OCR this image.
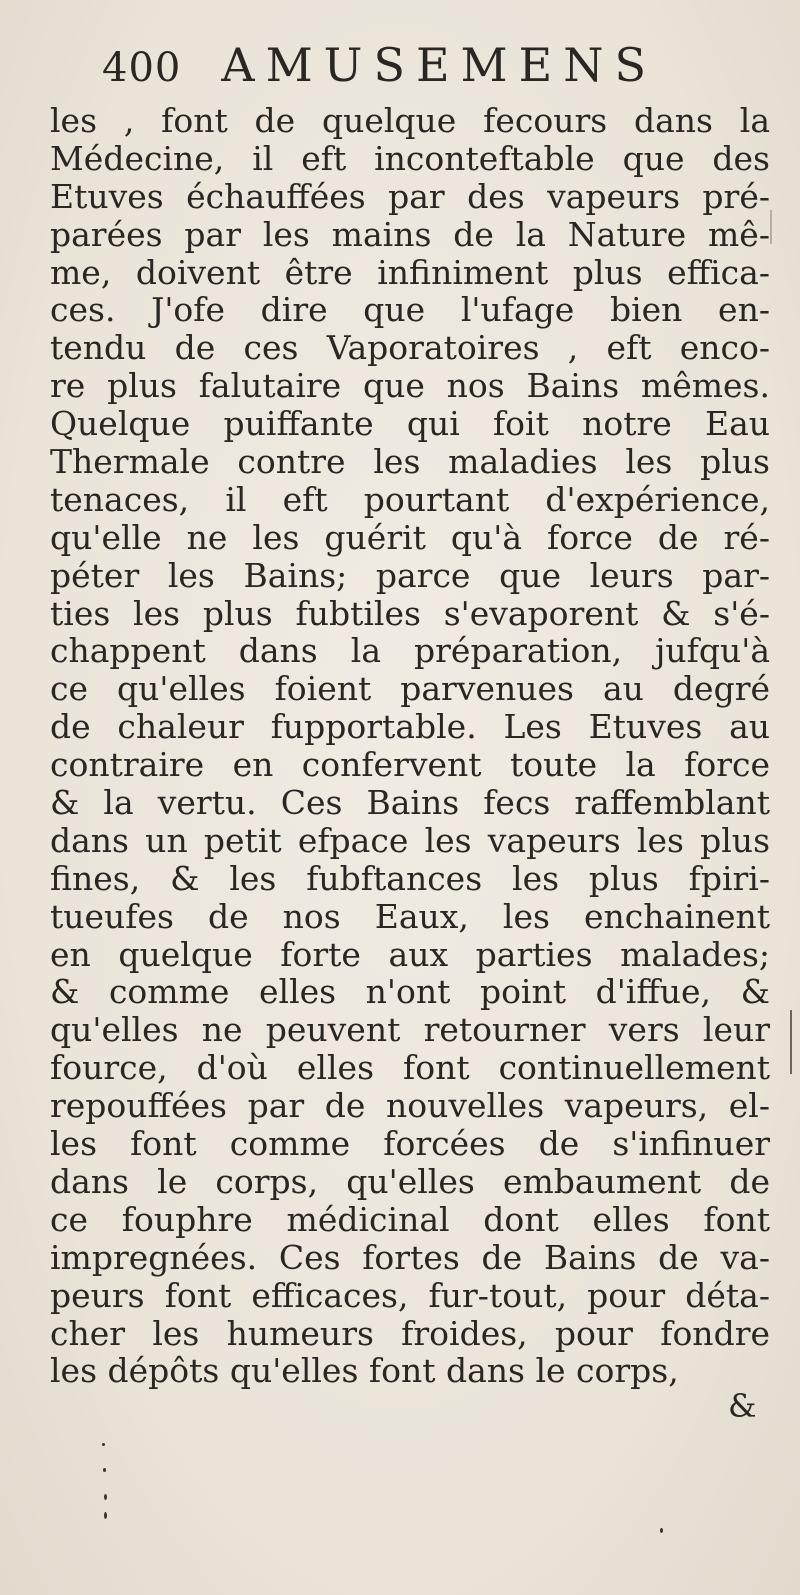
400 AMUSEMENS
les , font de quelque fecours dans la
Médecine, il eft inconteftable que des
Etuves échauffées par des vapeurs pré-
parées par les mains de la Nature mê-
me, doivent être infiniment plus effica-
ces. J'ofe dire que l'ufage bien en-
tendu de ces Vaporatoires , eft enco-
re plus falutaire que nos Bains mêmes.
Quelque puiffante qui foit notre Eau
Thermale contre les maladies les plus
tenaces, il eft pourtant d'expérience,
qu'elle ne les guérit qu'à force de ré-
péter les Bains; parce que leurs par-
ties les plus fubtiles s'evaporent & s'é-
chappent dans la préparation, jufqu'à
ce qu'elles foient parvenues au degré
de chaleur fupportable. Les Etuves au
contraire en confervent toute la force
& la vertu. Ces Bains fecs raffemblant
dans un petit efpace les vapeurs les plus
fines, & les fubftances les plus fpiri-
tueufes de nos Eaux, les enchainent
en quelque forte aux parties malades;
& comme elles n'ont point d'iffue, &
qu'elles ne peuvent retourner vers leur
fource, d'où elles font continuellement
repouffées par de nouvelles vapeurs, el-
les font comme forcées de s'infinuer
dans le corps, qu'elles embaument de
ce fouphre médicinal dont elles font
impregnées. Ces fortes de Bains de va-
peurs font efficaces, fur-tout, pour déta-
cher les humeurs froides, pour fondre
les dépôts qu'elles font dans le corps,
&
